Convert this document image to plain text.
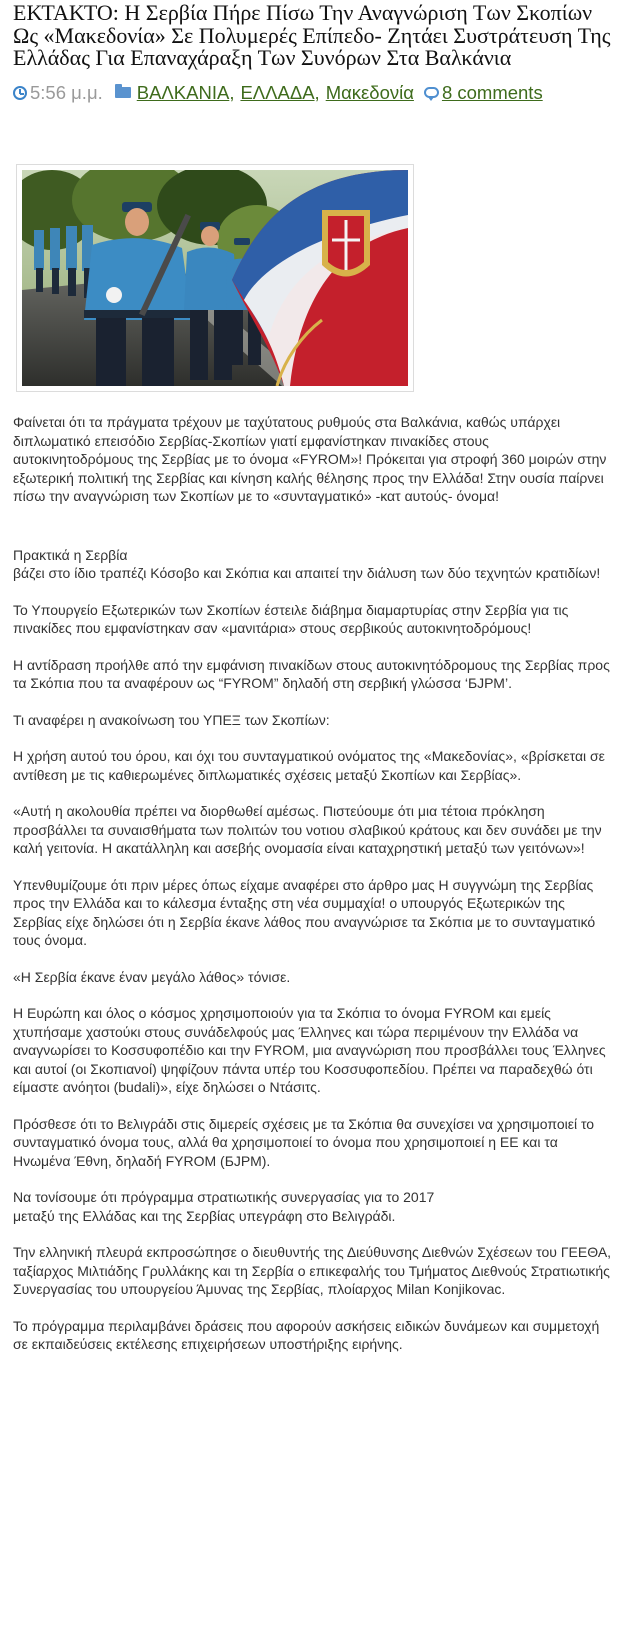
ΕΚΤΑΚΤΟ: Η Σερβία Πήρε Πίσω Την Αναγνώριση Των Σκοπίων Ως «Μακεδονία» Σε Πολυμερές Επίπεδο- Ζητάει Συστράτευση Της Ελλάδας Για Επαναχάραξη Των Συνόρων Στα Βαλκάνια
5:56 μ.μ. ΒΑΛΚΑΝΙΑ , ΕΛΛΑΔΑ , Μακεδονία 8 comments

Φαίνεται ότι τα πράγματα τρέχουν με ταχύτατους ρυθμούς στα Βαλκάνια, καθώς υπάρχει διπλωματικό επεισόδιο Σερβίας-Σκοπίων γιατί εμφανίστηκαν πινακίδες στους αυτοκινητοδρόμους της Σερβίας με το όνομα «FYROM»! Πρόκειται για στροφή 360 μοιρών στην εξωτερική πολιτική της Σερβίας και κίνηση καλής θέλησης προς την Ελλάδα! Στην ουσία παίρνει πίσω την αναγνώριση των Σκοπίων με το «συνταγματικό» -κατ αυτούς- όνομα!

Πρακτικά η Σερβία

βάζει στο ίδιο τραπέζι Κόσοβο και Σκόπια και απαιτεί την διάλυση των δύο τεχνητών κρατιδίων!

Το Υπουργείο Εξωτερικών των Σκοπίων έστειλε διάβημα διαμαρτυρίας στην Σερβία για τις πινακίδες που εμφανίστηκαν σαν «μανιτάρια» στους σερβικούς αυτοκινητοδρόμους!

Η αντίδραση προήλθε από την εμφάνιση πινακίδων στους αυτοκινητόδρομους της Σερβίας προς τα Σκόπια που τα αναφέρουν ως “FYROM” δηλαδή στη σερβική γλώσσα ‘БЈРМ’.

Τι αναφέρει η ανακοίνωση του ΥΠΕΞ των Σκοπίων:

Η χρήση αυτού του όρου, και όχι του συνταγματικού ονόματος της «Μακεδονίας», «βρίσκεται σε αντίθεση με τις καθιερωμένες διπλωματικές σχέσεις μεταξύ Σκοπίων και Σερβίας».

«Αυτή η ακολουθία πρέπει να διορθωθεί αμέσως. Πιστεύουμε ότι μια τέτοια πρόκληση προσβάλλει τα συναισθήματα των πολιτών του νοτιου σλαβικού κράτους και δεν συνάδει με την καλή γειτονία. Η ακατάλληλη και ασεβής ονομασία είναι καταχρηστική μεταξύ των γειτόνων»!

Υπενθυμίζουμε ότι πριν μέρες όπως είχαμε αναφέρει στο άρθρο μας Η συγγνώμη της Σερβίας προς την Ελλάδα και το κάλεσμα ένταξης στη νέα συμμαχία! ο υπουργός Εξωτερικών της Σερβίας είχε δηλώσει ότι η Σερβία έκανε λάθος που αναγνώρισε τα Σκόπια με το συνταγματικό τους όνομα.

«Η Σερβία έκανε έναν μεγάλο λάθος» τόνισε.

Η Ευρώπη και όλος ο κόσμος χρησιμοποιούν για τα Σκόπια το όνομα FYROM και εμείς χτυπήσαμε χαστούκι στους συνάδελφούς μας Έλληνες και τώρα περιμένουν την Ελλάδα να αναγνωρίσει το Κοσσυφοπέδιο και την FYROM, μια αναγνώριση που προσβάλλει τους Έλληνες και αυτοί (οι Σκοπιανοί) ψηφίζουν πάντα υπέρ του Κοσσυφοπεδίου. Πρέπει να παραδεχθώ ότι είμαστε ανόητοι (budali)», είχε δηλώσει ο Ντάσιτς.

Πρόσθεσε ότι το Βελιγράδι στις διμερείς σχέσεις με τα Σκόπια θα συνεχίσει να χρησιμοποιεί το συνταγματικό όνομα τους, αλλά θα χρησιμοποιεί το όνομα που χρησιμοποιεί η ΕΕ και τα Ηνωμένα Έθνη, δηλαδή FYROM (БЈРМ).

Να τονίσουμε ότι πρόγραμμα στρατιωτικής συνεργασίας για το 2017

μεταξύ της Ελλάδας και της Σερβίας υπεγράφη στο Βελιγράδι.

Την ελληνική πλευρά εκπροσώπησε ο διευθυντής της Διεύθυνσης Διεθνών Σχέσεων του ΓΕΕΘΑ, ταξίαρχος Μιλτιάδης Γρυλλάκης και τη Σερβία ο επικεφαλής του Τμήματος Διεθνούς Στρατιωτικής Συνεργασίας του υπουργείου Άμυνας της Σερβίας, πλοίαρχος Milan Konjikovac.

Το πρόγραμμα περιλαμβάνει δράσεις που αφορούν ασκήσεις ειδικών δυνάμεων και συμμετοχή σε εκπαιδεύσεις εκτέλεσης επιχειρήσεων υποστήριξης ειρήνης.
